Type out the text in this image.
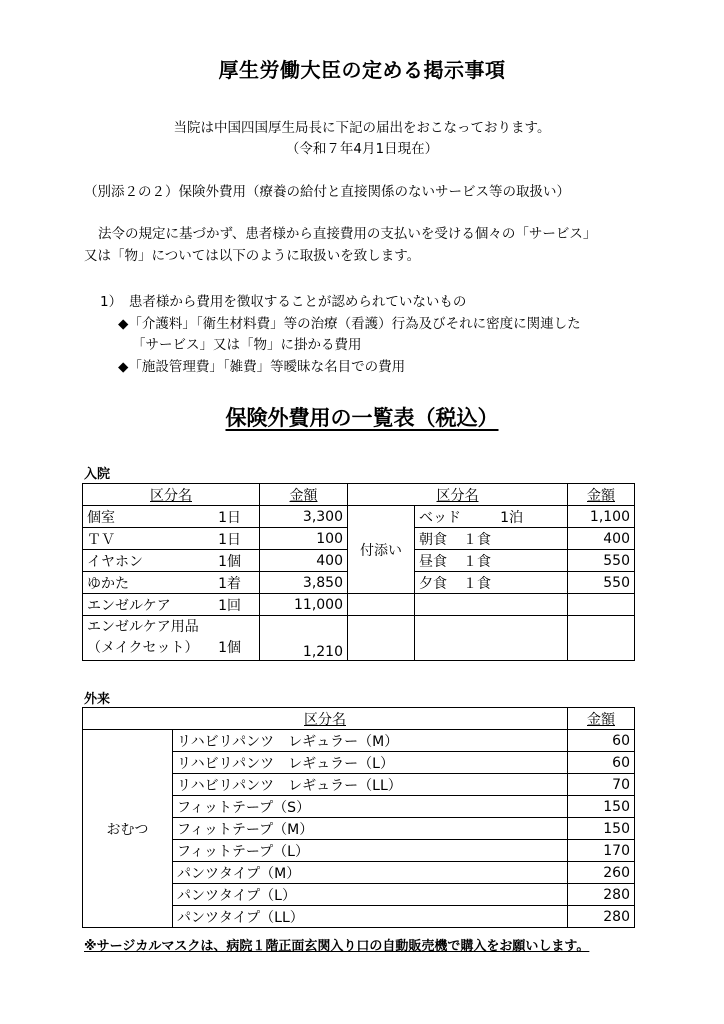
厚生労働大臣の定める掲示事項
当院は中国四国厚生局長に下記の届出をおこなっております。
（令和７年4月1日現在）
（別添２の２）保険外費用（療養の給付と直接関係のないサービス等の取扱い）
法令の規定に基づかず、患者様から直接費用の支払いを受ける個々の「サービス」
又は「物」については以下のように取扱いを致します。
1）　患者様から費用を徴収することが認められていないもの
◆「介護料」「衛生材料費」等の治療（看護）行為及びそれに密度に関連した
「サービス」又は「物」に掛かる費用
◆「施設管理費」「雑費」等曖昧な名目での費用
保険外費用の一覧表（税込）
入院
区分名	金額	区分名		金額

個室 1日	3,300	付添い	ベッド 1泊	1,100

ＴＶ 1日	100		朝食 １食	400

イヤホン 1個	400		昼食 １食	550

ゆかた 1着	3,850		夕食 １食	550

エンゼルケア 1回	11,000			

エンゼルケア用品
（メイクセット） 1個	1,210			
外来
区分名		金額
おむつ	リハビリパンツ　レギュラー（M）	60
	リハビリパンツ　レギュラー（L）	60
	リハビリパンツ　レギュラー（LL）	70
	フィットテープ（S）	150
	フィットテープ（M）	150
	フィットテープ（L）	170
	パンツタイプ（M）	260
	パンツタイプ（L）	280
	パンツタイプ（LL）	280
※サージカルマスクは、病院１階正面玄関入り口の自動販売機で購入をお願いします。
